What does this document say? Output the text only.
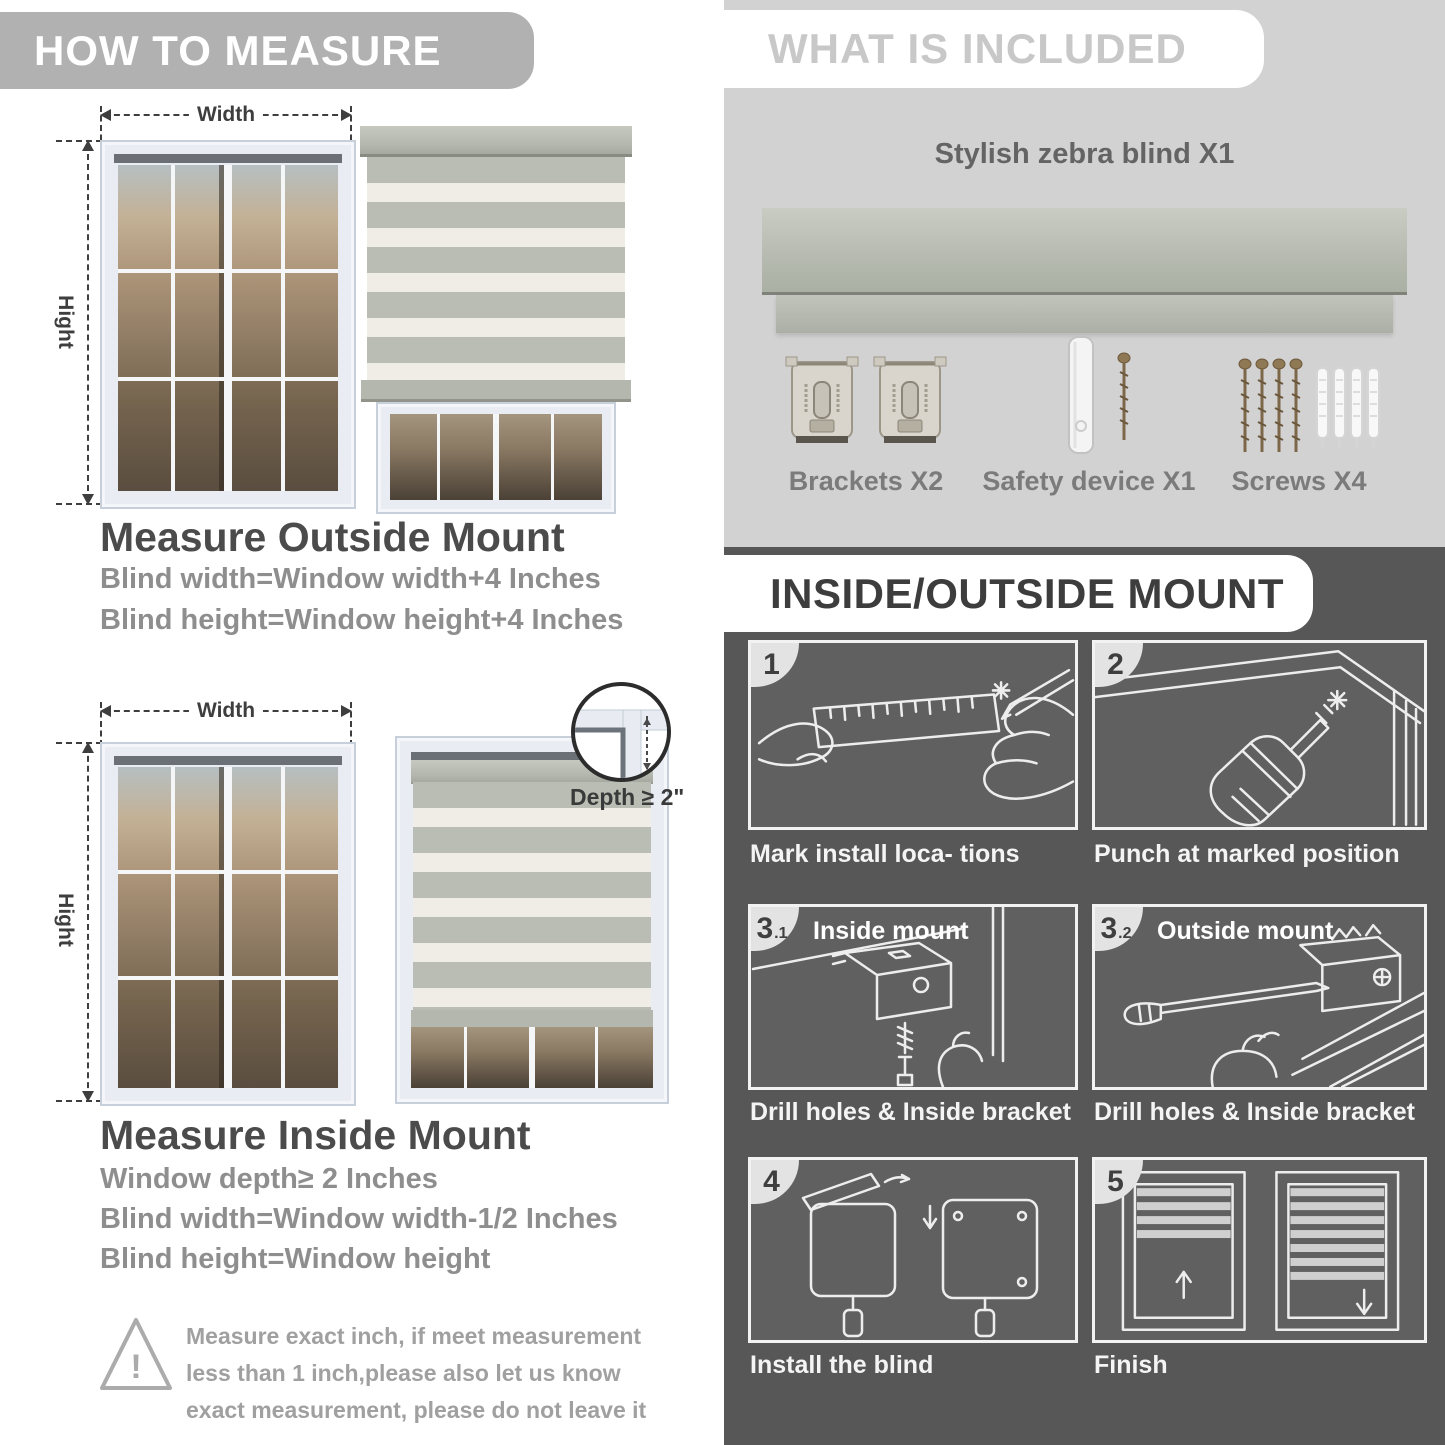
HOW TO MEASURE
Width
Hight
Measure Outside Mount
Blind width=Window width+4 Inches
Blind height=Window height+4 Inches
Width
Hight
Depth ≥ 2"
Measure Inside Mount
Window depth≥ 2 Inches
Blind width=Window width-1/2 Inches
Blind height=Window height
!
Measure exact inch, if meet measurement less than 1 inch,please also let us know exact measurement, please do not leave it
WHAT IS INCLUDED
Stylish zebra blind X1
Brackets X2	Safety device X1	Screws X4
1
Mark install loca- tions
2
Punch at marked position
3 .1 Inside mount
Drill holes & Inside bracket
3 .2 Outside mount
Drill holes & Inside bracket
4
Install the blind
5
Finish
INSIDE/OUTSIDE MOUNT
